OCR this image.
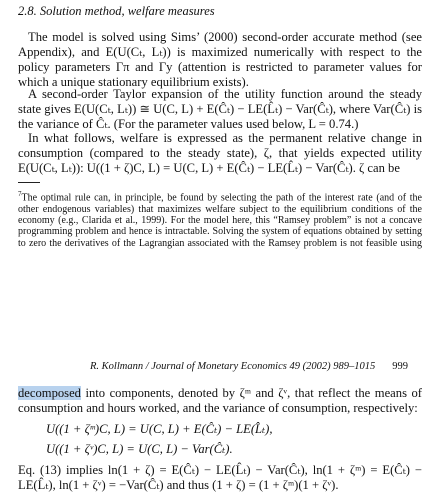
2.8. Solution method, welfare measures

The model is solved using Sims’ (2000) second-order accurate method (see Appendix), and E(U(Cₜ, Lₜ)) is maximized numerically with respect to the policy parameters Γπ and Γy (attention is restricted to parameter values for which a unique stationary equilibrium exists).

A second-order Taylor expansion of the utility function around the steady state gives E(U(Cₜ, Lₜ)) ≅ U(C, L) + E(Ĉₜ) − LE(L̂ₜ) − Var(Ĉₜ), where Var(Ĉₜ) is the variance of Ĉₜ. (For the parameter values used below, L = 0.74.)

In what follows, welfare is expressed as the permanent relative change in consumption (compared to the steady state), ζ, that yields expected utility E(U(Cₜ, Lₜ)): U((1 + ζ)C, L) = U(C, L) + E(Ĉₜ) − LE(L̂ₜ) − Var(Ĉₜ). ζ can be

$^7$The optimal rule can, in principle, be found by selecting the path of the interest rate (and of the other endogenous variables) that maximizes welfare subject to the equilibrium conditions of the economy (e.g., Clarida et al., 1999). For the model here, this “Ramsey problem” is not a concave programming problem and hence is intractable. Solving the system of equations obtained by setting to zero the derivatives of the Lagrangian associated with the Ramsey problem is not feasible using

R. Kollmann / Journal of Monetary Economics 49 (2002) 989–1015 999

decomposed into components, denoted by ζᵐ and ζᵛ, that reflect the means of consumption and hours worked, and the variance of consumption, respectively:

U((1 + ζᵐ)C, L) = U(C, L) + E(Ĉₜ) − LE(L̂ₜ),
U((1 + ζᵛ)C, L) = U(C, L) − Var(Ĉₜ).

Eq. (13) implies ln(1 + ζ) = E(Ĉₜ) − LE(L̂ₜ) − Var(Ĉₜ), ln(1 + ζᵐ) = E(Ĉₜ) − LE(L̂ₜ), ln(1 + ζᵛ) = −Var(Ĉₜ) and thus (1 + ζ) = (1 + ζᵐ)(1 + ζᵛ).
